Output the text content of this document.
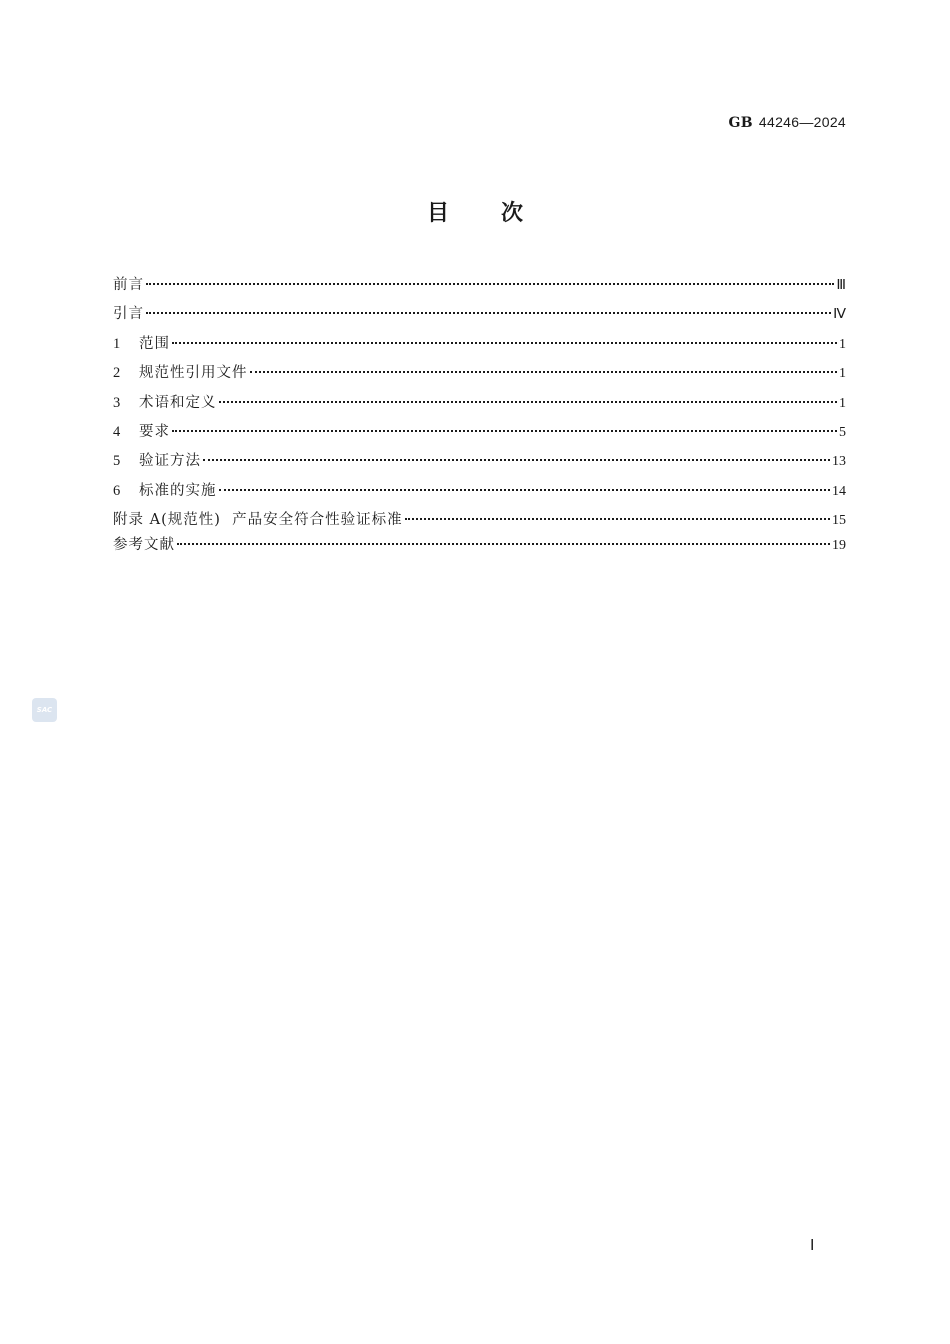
GB 44246—2024
目次
前言	Ⅲ
引言	Ⅳ
1	范围	1
2	规范性引用文件	1
3	术语和定义	1
4	要求	5
5	验证方法	13
6	标准的实施	14
附录 A(规范性)  产品安全符合性验证标准	15
参考文献	19
SAC
Ⅰ
